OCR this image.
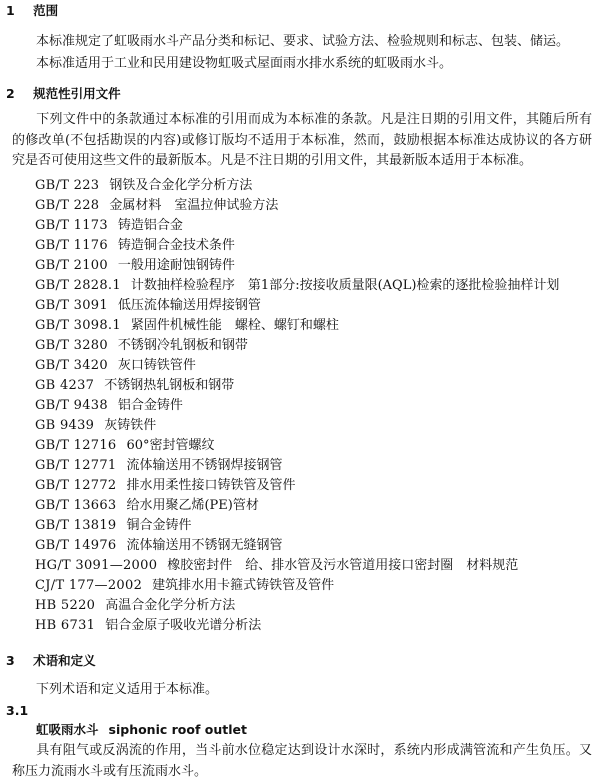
1 范围
本标准规定了虹吸雨水斗产品分类和标记、要求、试验方法、检验规则和标志、包装、储运。
本标准适用于工业和民用建设物虹吸式屋面雨水排水系统的虹吸雨水斗。
2 规范性引用文件
下列文件中的条款通过本标准的引用而成为本标准的条款。凡是注日期的引用文件，其随后所有的修改单(不包括勘误的内容)或修订版均不适用于本标准，然而，鼓励根据本标准达成协议的各方研究是否可使用这些文件的最新版本。凡是不注日期的引用文件，其最新版本适用于本标准。
GB/T 223 钢铁及合金化学分析方法
GB/T 228 金属材料　室温拉伸试验方法
GB/T 1173 铸造铝合金
GB/T 1176 铸造铜合金技术条件
GB/T 2100 一般用途耐蚀钢铸件
GB/T 2828.1 计数抽样检验程序　第1部分:按接收质量限(AQL)检索的逐批检验抽样计划
GB/T 3091 低压流体输送用焊接钢管
GB/T 3098.1 紧固件机械性能　螺栓、螺钉和螺柱
GB/T 3280 不锈钢冷轧钢板和钢带
GB/T 3420 灰口铸铁管件
GB 4237 不锈钢热轧钢板和钢带
GB/T 9438 铝合金铸件
GB 9439 灰铸铁件
GB/T 12716 60°密封管螺纹
GB/T 12771 流体输送用不锈钢焊接钢管
GB/T 12772 排水用柔性接口铸铁管及管件
GB/T 13663 给水用聚乙烯(PE)管材
GB/T 13819 铜合金铸件
GB/T 14976 流体输送用不锈钢无缝钢管
HG/T 3091—2000 橡胶密封件　给、排水管及污水管道用接口密封圈　材料规范
CJ/T 177—2002 建筑排水用卡箍式铸铁管及管件
HB 5220 高温合金化学分析方法
HB 6731 铝合金原子吸收光谱分析法
3 术语和定义
下列术语和定义适用于本标准。
3.1
虹吸雨水斗 siphonic roof outlet
具有阻气或反涡流的作用，当斗前水位稳定达到设计水深时，系统内形成满管流和产生负压。又称压力流雨水斗或有压流雨水斗。
